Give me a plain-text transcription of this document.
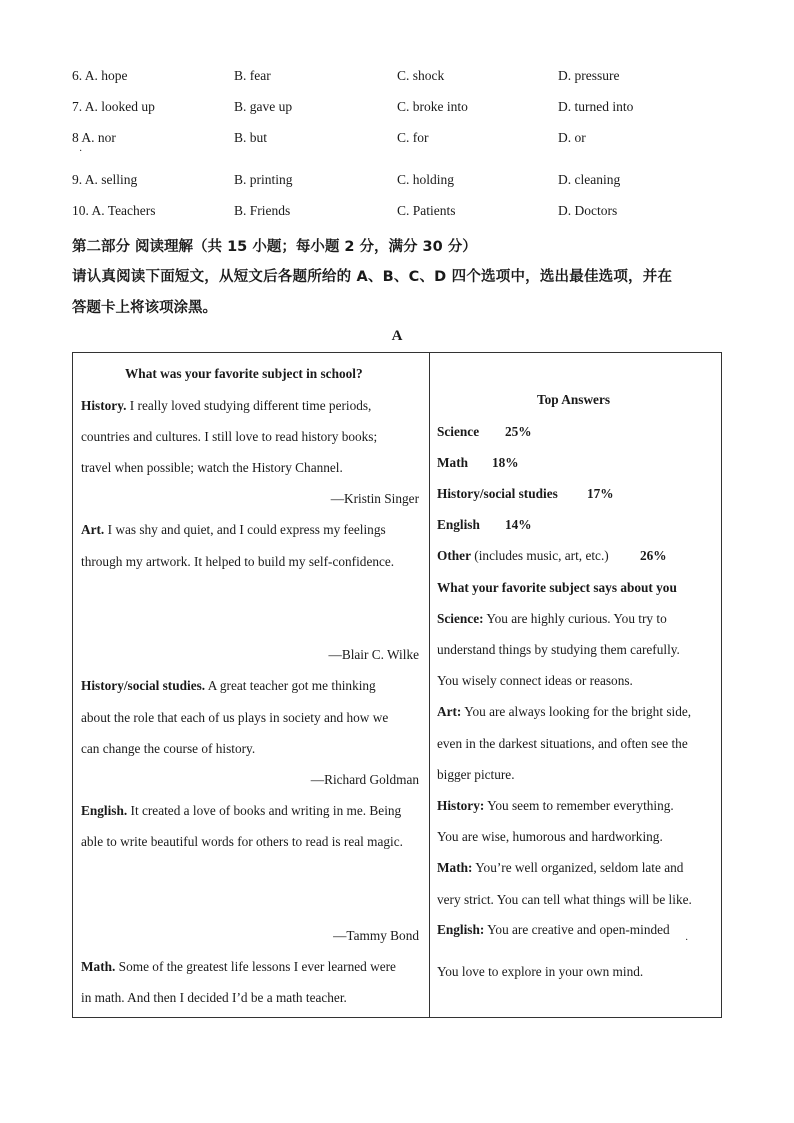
6. A. hope	B. fear	C. shock	D. pressure
7. A. looked up	B. gave up	C. broke into	D. turned into
8 A. nor	B. but	C. for	D. or
·
9. A. selling	B. printing	C. holding	D. cleaning
10. A. Teachers	B. Friends	C. Patients	D. Doctors
第二部分 阅读理解（共 15 小题；每小题 2 分，满分 30 分）
请认真阅读下面短文，从短文后各题所给的 A、B、C、D 四个选项中，选出最佳选项，并在
答题卡上将该项涂黑。
A
What was your favorite subject in school?
History. I really loved studying different time periods,
countries and cultures. I still love to read history books;
travel when possible; watch the History Channel.
—Kristin Singer
Art. I was shy and quiet, and I could express my feelings
through my artwork. It helped to build my self-confidence.
—Blair C. Wilke
History/social studies. A great teacher got me thinking
about the role that each of us plays in society and how we
can change the course of history.
—Richard Goldman
English. It created a love of books and writing in me. Being
able to write beautiful words for others to read is real magic.
—Tammy Bond
Math. Some of the greatest life lessons I ever learned were
in math. And then I decided I’d be a math teacher.
Top Answers
Science 25%
Math 18%
History/social studies 17%
English 14%
Other (includes music, art, etc.) 26%
What your favorite subject says about you
Science: You are highly curious. You try to
understand things by studying them carefully.
You wisely connect ideas or reasons.
Art: You are always looking for the bright side,
even in the darkest situations, and often see the
bigger picture.
History: You seem to remember everything.
You are wise, humorous and hardworking.
Math: You’re well organized, seldom late and
very strict. You can tell what things will be like.
English: You are creative and open-minded
·
You love to explore in your own mind.
